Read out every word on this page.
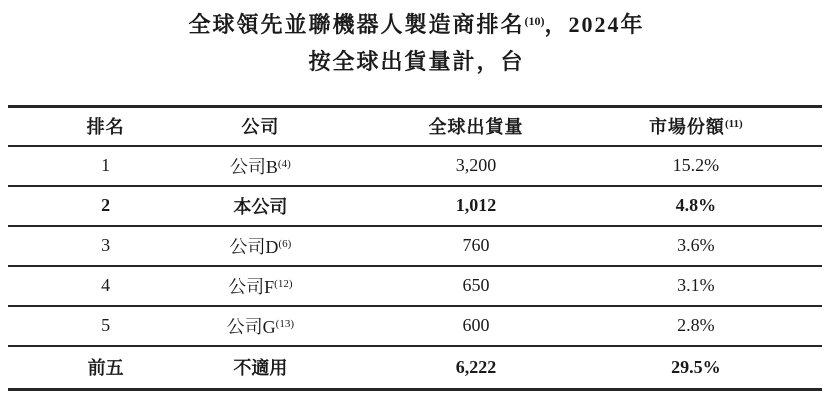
全球領先並聯機器人製造商排名$^{(10)}$，2024年
按全球出貨量計，台
排名	公司	全球出貨量	市場份額$^{(11)}$	
1	公司B$^{(4)}$	3,200	15.2%	
2	本公司	1,012	4.8%	
3	公司D$^{(6)}$	760	3.6%	
4	公司F$^{(12)}$	650	3.1%	
5	公司G$^{(13)}$	600	2.8%	
前五	不適用	6,222	29.5%	
